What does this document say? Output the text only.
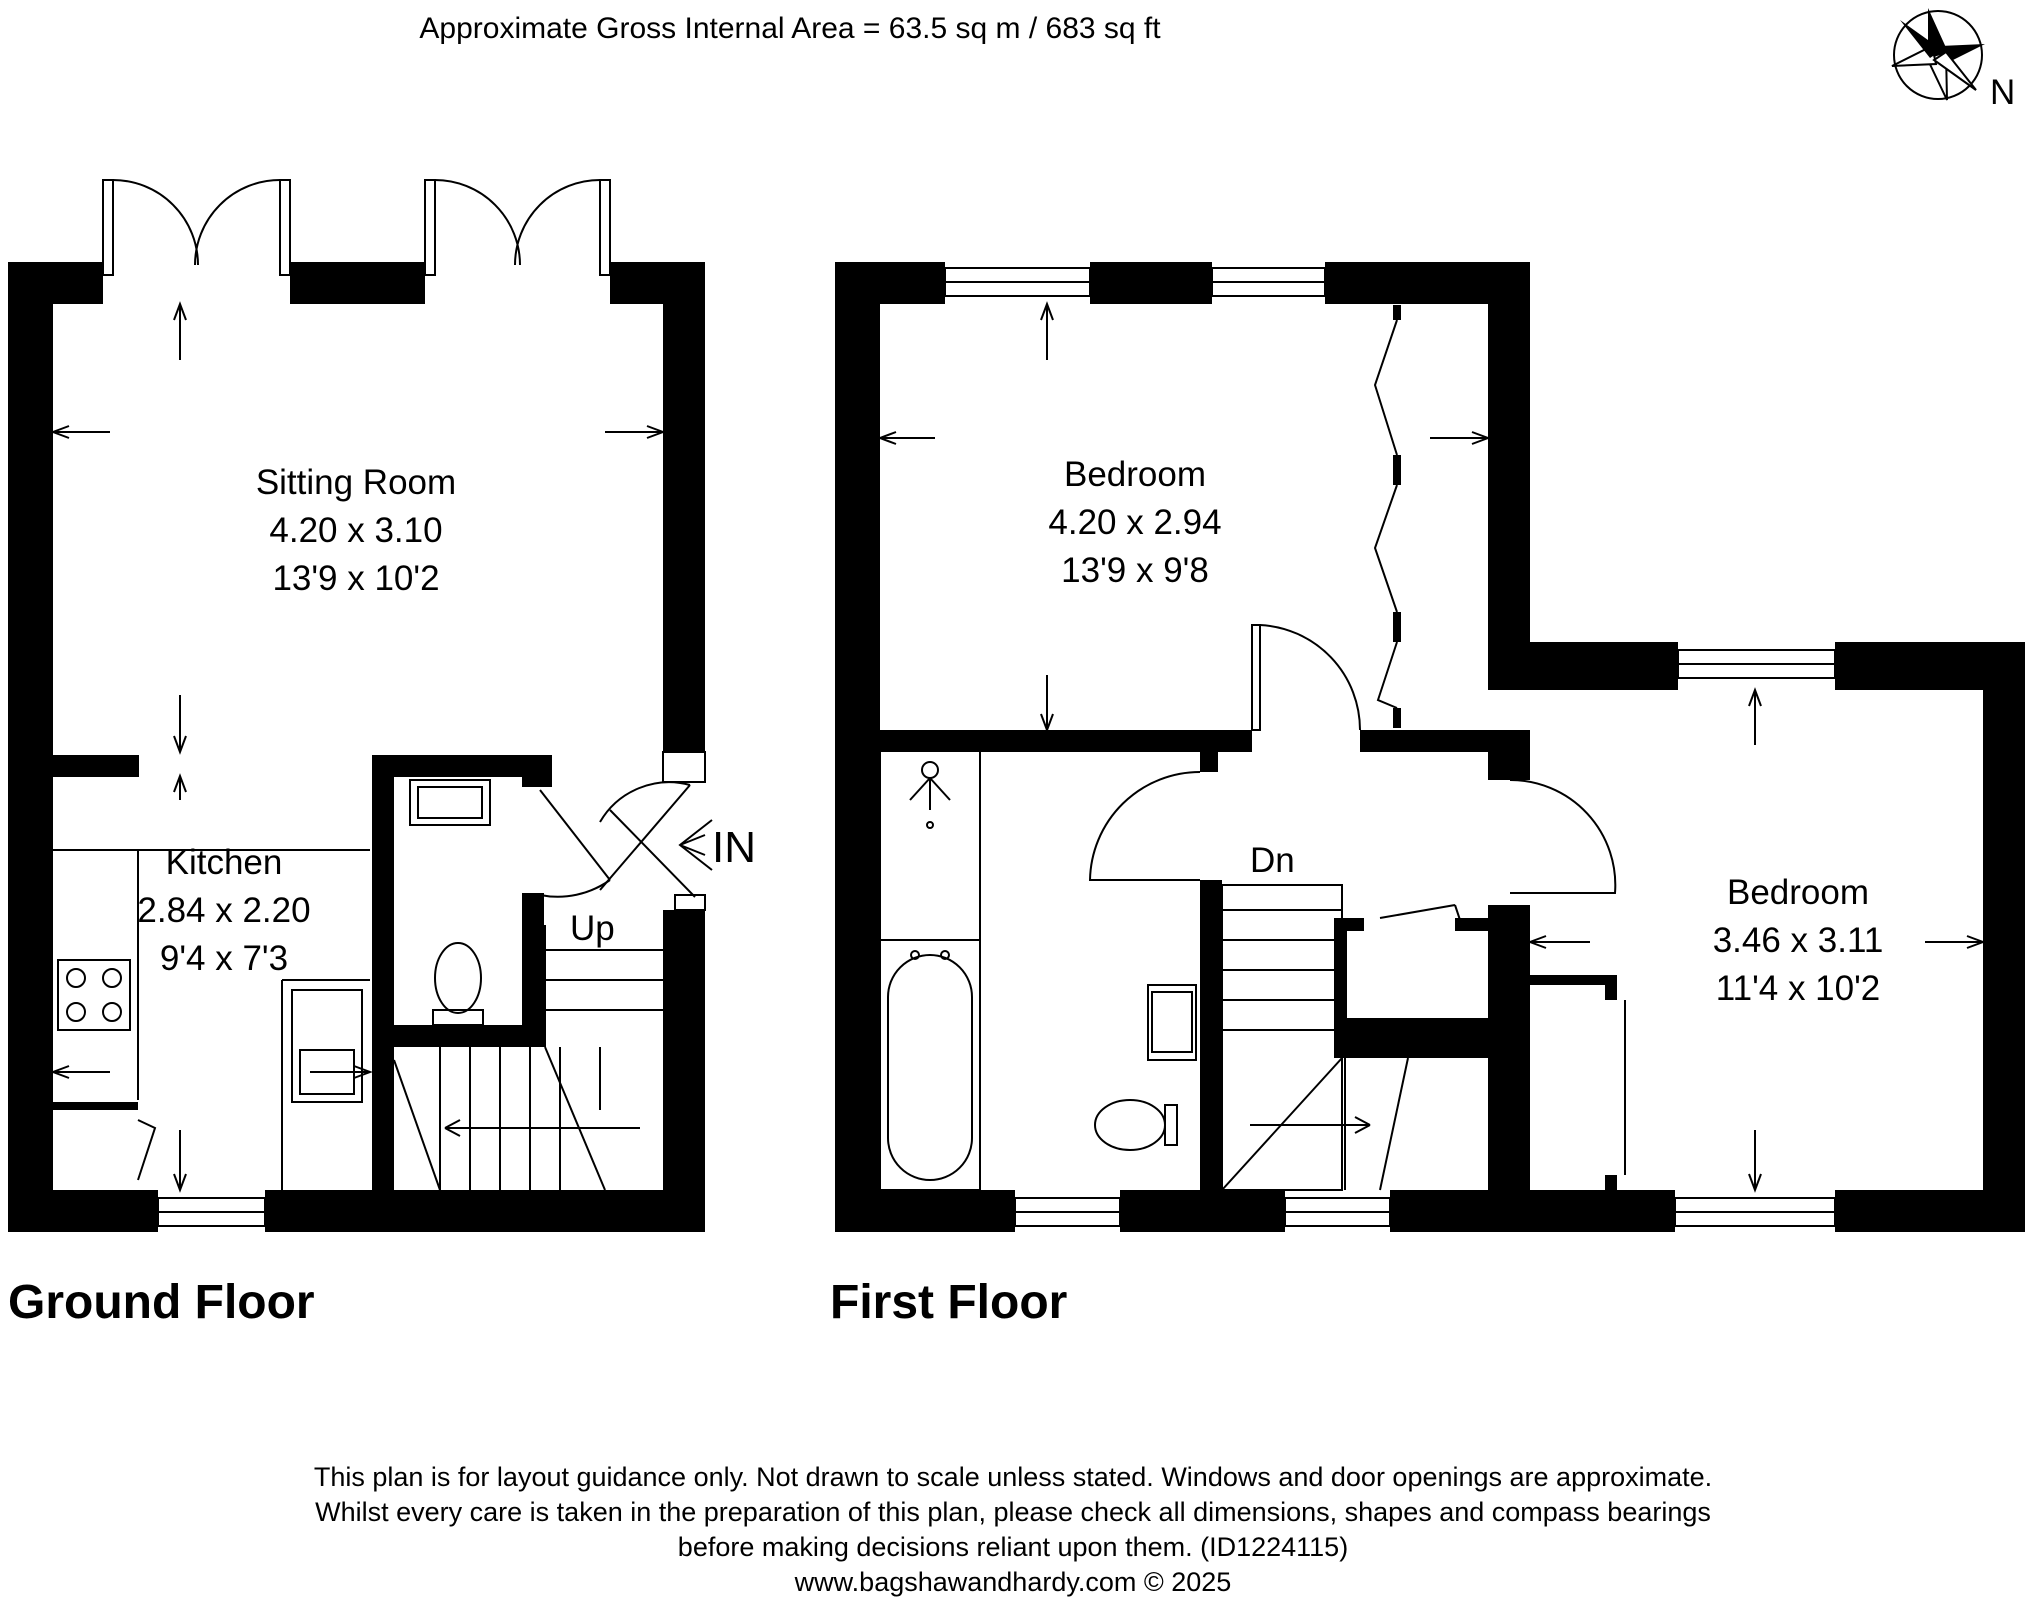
Approximate Gross Internal Area = 63.5 sq m / 683 sq ft
N
IN
Up
Sitting Room
4.20 x 3.10
13'9 x 10'2
Kitchen
2.84 x 2.20
9'4 x 7'3
Dn
Bedroom
4.20 x 2.94
13'9 x 9'8
Bedroom
3.46 x 3.11
11'4 x 10'2
Ground Floor	First Floor
This plan is for layout guidance only. Not drawn to scale unless stated. Windows and door openings are approximate.
Whilst every care is taken in the preparation of this plan, please check all dimensions, shapes and compass bearings
before making decisions reliant upon them. (ID1224115)
www.bagshawandhardy.com © 2025
